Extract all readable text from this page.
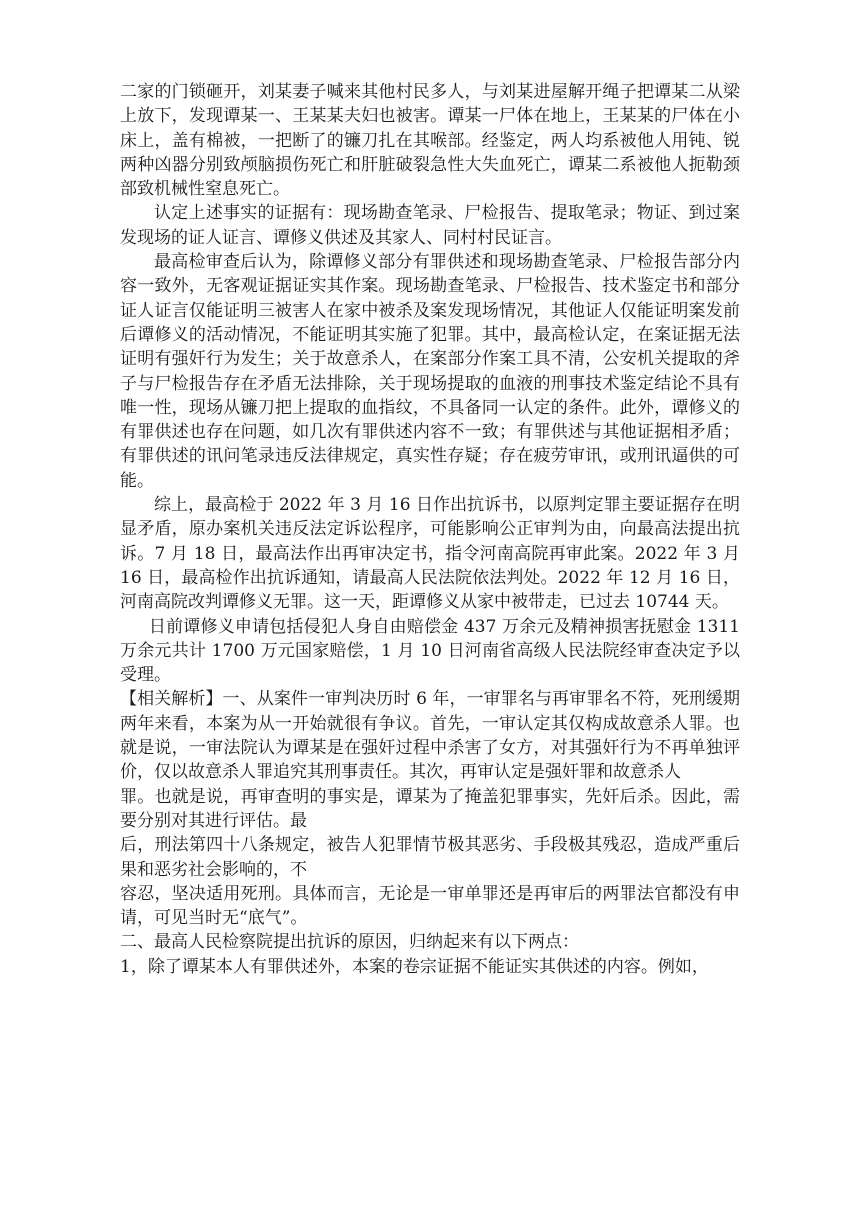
二家的门锁砸开，刘某妻子喊来其他村民多人，与刘某进屋解开绳子把谭某二从梁上放下，发现谭某一、王某某夫妇也被害。谭某一尸体在地上，王某某的尸体在小床上，盖有棉被，一把断了的镰刀扎在其喉部。经鉴定，两人均系被他人用钝、锐两种凶器分别致颅脑损伤死亡和肝脏破裂急性大失血死亡，谭某二系被他人扼勒颈部致机械性窒息死亡。

认定上述事实的证据有：现场勘查笔录、尸检报告、提取笔录；物证、到过案发现场的证人证言、谭修义供述及其家人、同村村民证言。

最高检审查后认为，除谭修义部分有罪供述和现场勘查笔录、尸检报告部分内容一致外，无客观证据证实其作案。现场勘查笔录、尸检报告、技术鉴定书和部分证人证言仅能证明三被害人在家中被杀及案发现场情况，其他证人仅能证明案发前后谭修义的活动情况，不能证明其实施了犯罪。其中，最高检认定，在案证据无法证明有强奸行为发生；关于故意杀人，在案部分作案工具不清，公安机关提取的斧子与尸检报告存在矛盾无法排除，关于现场提取的血液的刑事技术鉴定结论不具有唯一性，现场从镰刀把上提取的血指纹，不具备同一认定的条件。此外，谭修义的有罪供述也存在问题，如几次有罪供述内容不一致；有罪供述与其他证据相矛盾；有罪供述的讯问笔录违反法律规定，真实性存疑；存在疲劳审讯，或刑讯逼供的可能。

综上，最高检于 2022 年 3 月 16 日作出抗诉书，以原判定罪主要证据存在明显矛盾，原办案机关违反法定诉讼程序，可能影响公正审判为由，向最高法提出抗诉。7 月 18 日，最高法作出再审决定书，指令河南高院再审此案。2022 年 3 月 16 日，最高检作出抗诉通知，请最高人民法院依法判处。2022 年 12 月 16 日，河南高院改判谭修义无罪。这一天，距谭修义从家中被带走，已过去 10744 天。

日前谭修义申请包括侵犯人身自由赔偿金 437 万余元及精神损害抚慰金 1311 万余元共计 1700 万元国家赔偿，1 月 10 日河南省高级人民法院经审查决定予以受理。

【相关解析】一、从案件一审判决历时 6 年，一审罪名与再审罪名不符，死刑缓期两年来看，本案为从一开始就很有争议。首先，一审认定其仅构成故意杀人罪。也就是说，一审法院认为谭某是在强奸过程中杀害了女方，对其强奸行为不再单独评价，仅以故意杀人罪追究其刑事责任。其次，再审认定是强奸罪和故意杀人

罪。也就是说，再审查明的事实是，谭某为了掩盖犯罪事实，先奸后杀。因此，需要分别对其进行评估。最

后，刑法第四十八条规定，被告人犯罪情节极其恶劣、手段极其残忍，造成严重后果和恶劣社会影响的，不

容忍，坚决适用死刑。具体而言，无论是一审单罪还是再审后的两罪法官都没有申请，可见当时无“底气”。

二、最高人民检察院提出抗诉的原因，归纳起来有以下两点：

1，除了谭某本人有罪供述外，本案的卷宗证据不能证实其供述的内容。例如，
